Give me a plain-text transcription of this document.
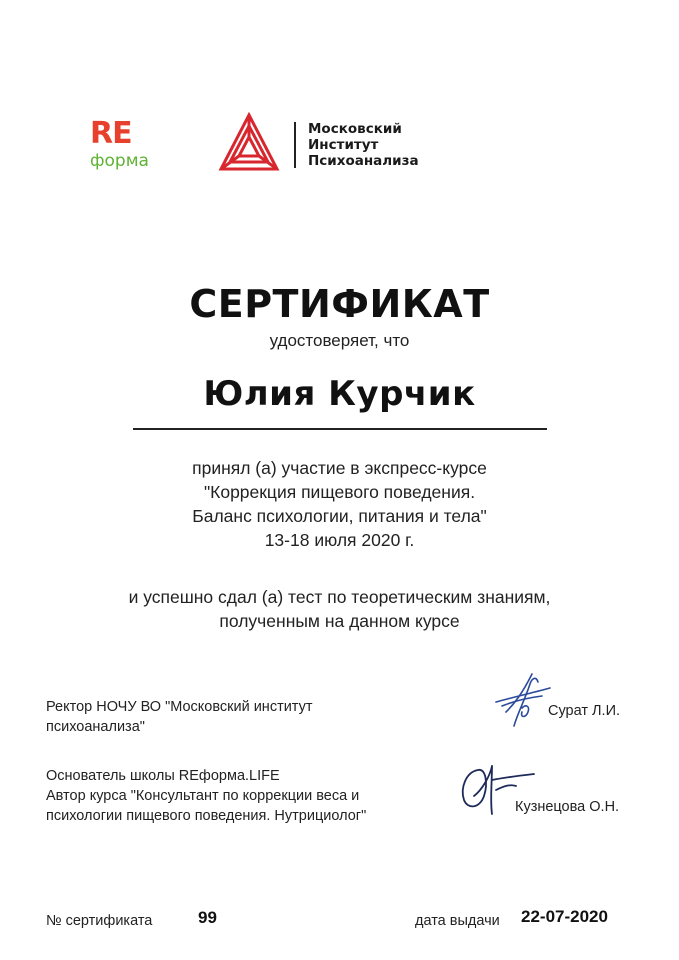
RE
форма
Московский
Институт
Психоанализа
СЕРТИФИКАТ
удостоверяет, что
Юлия Курчик
принял (а) участие в экспресс-курсе
"Коррекция пищевого поведения.
Баланс психологии, питания и тела"
13-18 июля 2020 г.
и успешно сдал (а) тест по теоретическим знаниям,
полученным на данном курсе
Ректор НОЧУ ВО "Московский институт
психоанализа"
Сурат Л.И.
Основатель школы REформа.LIFE
Автор курса "Консультант по коррекции веса и
психологии пищевого поведения. Нутрициолог"
Кузнецова О.Н.
№ сертификата	99	дата выдачи 22-07-2020
